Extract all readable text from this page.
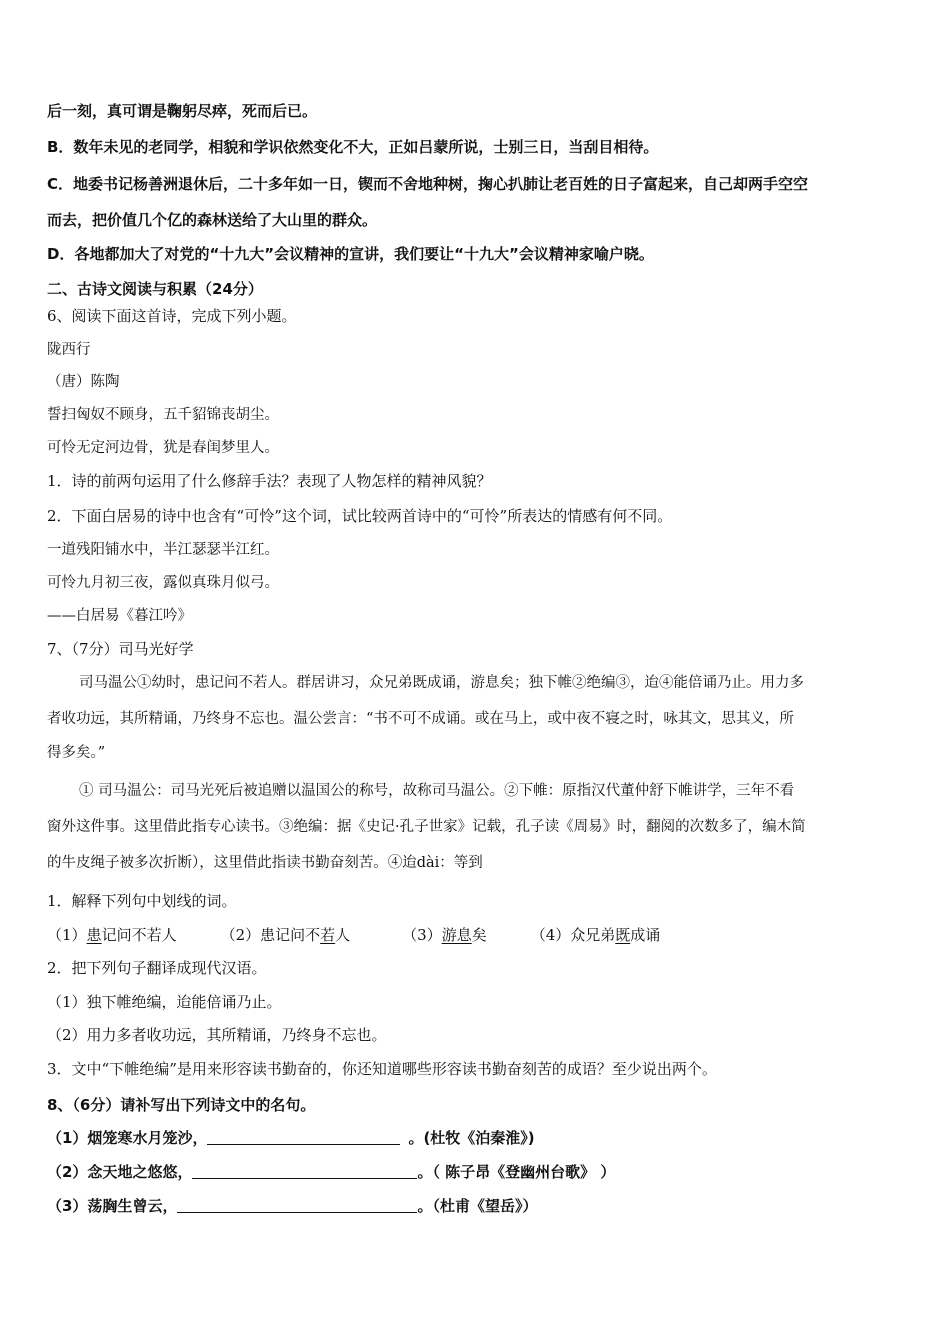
后一刻，真可谓是鞠躬尽瘁，死而后已。
B．数年未见的老同学，相貌和学识依然变化不大，正如吕蒙所说，士别三日，当刮目相待。
C．地委书记杨善洲退休后，二十多年如一日，锲而不舍地种树，掬心扒肺让老百姓的日子富起来，自己却两手空空
而去，把价值几个亿的森林送给了大山里的群众。
D．各地都加大了对党的“十九大”会议精神的宣讲，我们要让“十九大”会议精神家喻户晓。
二、古诗文阅读与积累（24分）
6、阅读下面这首诗，完成下列小题。
陇西行
（唐）陈陶
誓扫匈奴不顾身，五千貂锦丧胡尘。
可怜无定河边骨，犹是春闺梦里人。
1．诗的前两句运用了什么修辞手法？表现了人物怎样的精神风貌？
2．下面白居易的诗中也含有“可怜”这个词，试比较两首诗中的“可怜”所表达的情感有何不同。
一道残阳铺水中，半江瑟瑟半江红。
可怜九月初三夜，露似真珠月似弓。
——白居易《暮江吟》
7、（7分）司马光好学
司马温公①幼时，患记问不若人。群居讲习，众兄弟既成诵，游息矣；独下帷②绝编③，迨④能倍诵乃止。用力多
者收功远，其所精诵，乃终身不忘也。温公尝言：“书不可不成诵。或在马上，或中夜不寝之时，咏其文，思其义，所
得多矣。”
① 司马温公：司马光死后被追赠以温国公的称号，故称司马温公。②下帷：原指汉代董仲舒下帷讲学，三年不看
窗外这件事。这里借此指专心读书。③绝编：据《史记·孔子世家》记载，孔子读《周易》时，翻阅的次数多了，编木简
的牛皮绳子被多次折断），这里借此指读书勤奋刻苦。④迨dài：等到
1．解释下列句中划线的词。
（1）患记问不若人	（2）患记问不若人	（3）游息矣	（4）众兄弟既成诵
2．把下列句子翻译成现代汉语。
（1）独下帷绝编，迨能倍诵乃止。
（2）用力多者收功远，其所精诵，乃终身不忘也。
3．文中“下帷绝编”是用来形容读书勤奋的，你还知道哪些形容读书勤奋刻苦的成语？至少说出两个。
8、（6分）请补写出下列诗文中的名句。
（1）烟笼寒水月笼沙，	。(杜牧《泊秦淮》)
（2）念天地之悠悠，	。（ 陈子昂《登幽州台歌》 ）
（3）荡胸生曾云，	。（杜甫《望岳》）
